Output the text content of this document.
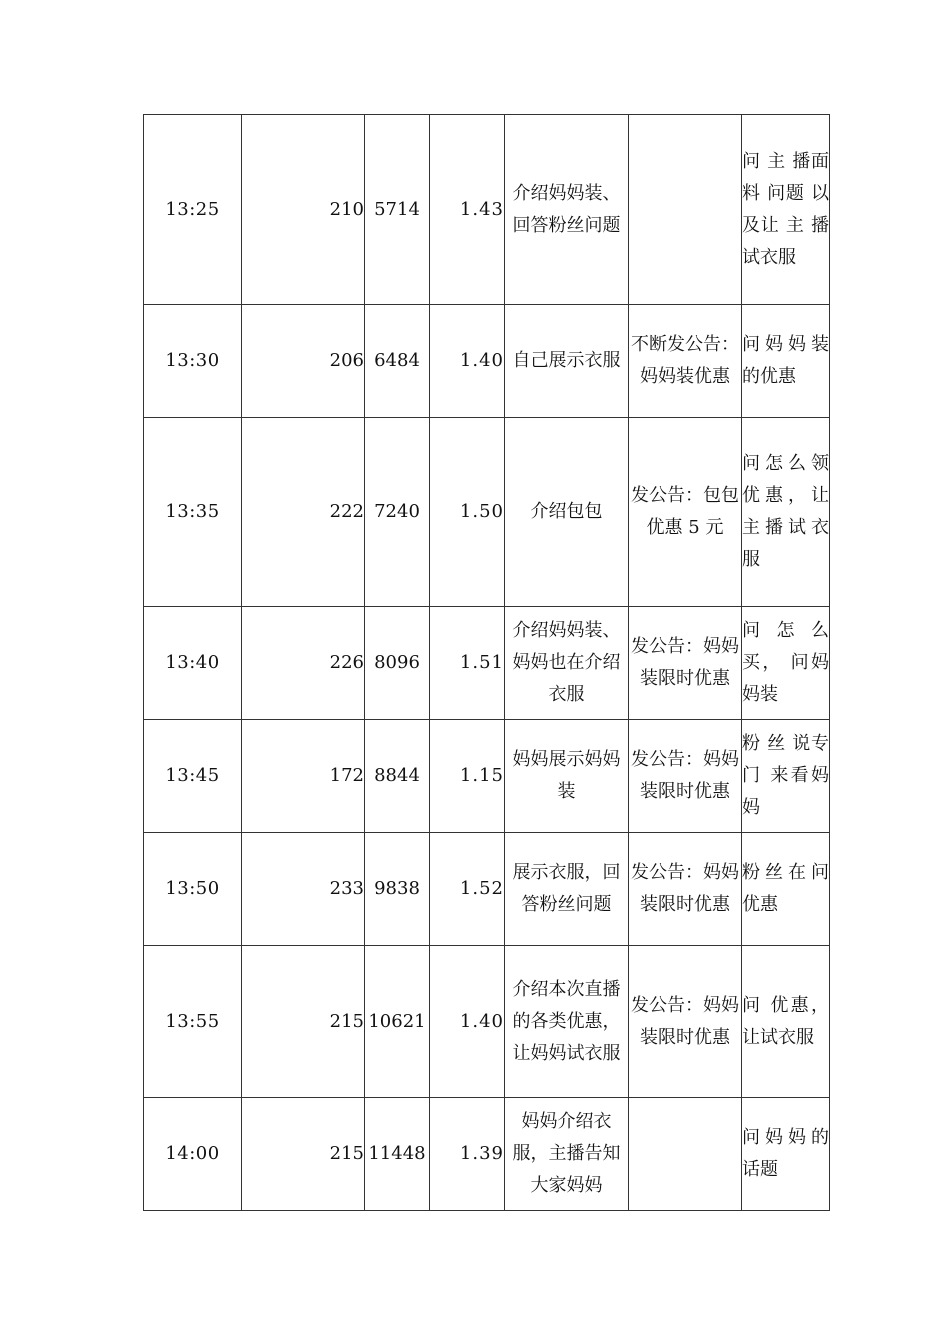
13:25	210	5714	1.43	介绍妈妈装、回答粉丝问题		问 主 播面 料 问题 以 及让 主 播试衣服

13:30	206	6484	1.40	自己展示衣服	不断发公告：妈妈装优惠	问妈妈装的优惠

13:35	222	7240	1.50	介绍包包	发公告：包包优惠 5 元	问怎么领优惠，让主播试衣服

13:40	226	8096	1.51	介绍妈妈装、妈妈也在介绍衣服	发公告：妈妈装限时优惠	问 怎 么买， 问妈妈装

13:45	172	8844	1.15	妈妈展示妈妈装	发公告：妈妈装限时优惠	粉 丝 说专 门 来看妈妈

13:50	233	9838	1.52	展示衣服，回答粉丝问题	发公告：妈妈装限时优惠	粉丝在问优惠

13:55	215	10621	1.40	介绍本次直播的各类优惠，让妈妈试衣服	发公告：妈妈装限时优惠	问 优惠，让试衣服

14:00	215	11448	1.39	妈妈介绍衣服，主播告知大家妈妈		问妈妈的话题
